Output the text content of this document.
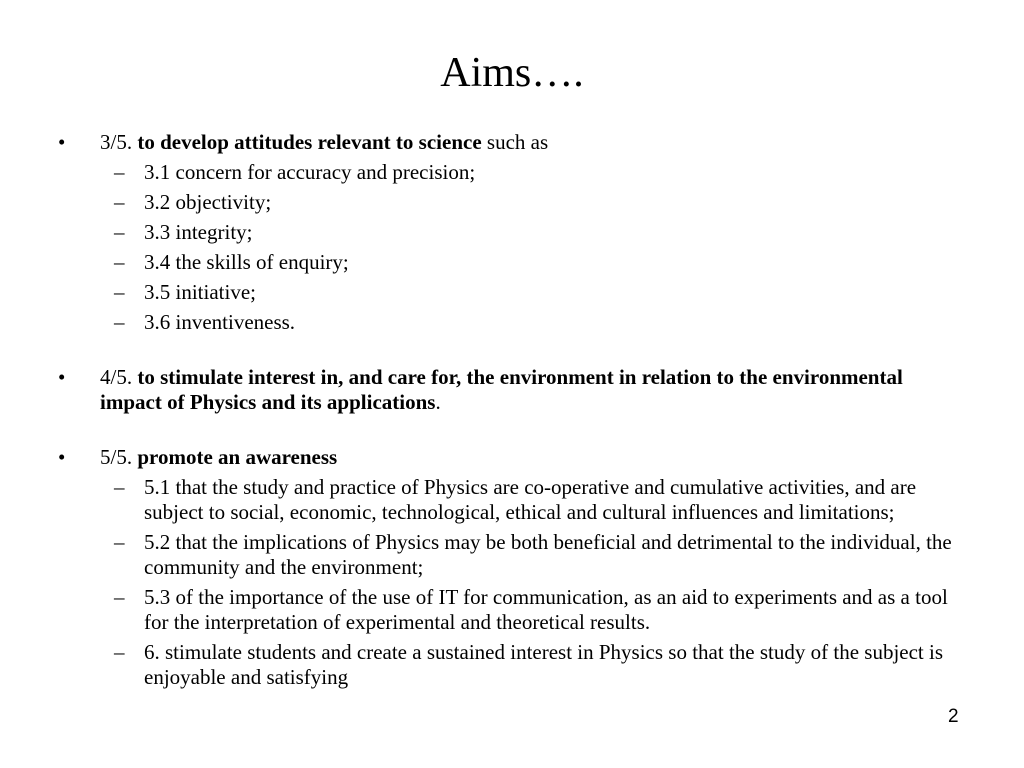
Aims….
• 3/5. to develop attitudes relevant to science such as
– 3.1 concern for accuracy and precision;
– 3.2 objectivity;
– 3.3 integrity;
– 3.4 the skills of enquiry;
– 3.5 initiative;
– 3.6 inventiveness.
• 4/5. to stimulate interest in, and care for, the environment in relation to the environmental impact of Physics and its applications.
• 5/5. promote an awareness
– 5.1 that the study and practice of Physics are co-operative and cumulative activities, and are subject to social, economic, technological, ethical and cultural influences and limitations;
– 5.2 that the implications of Physics may be both beneficial and detrimental to the individual, the community and the environment;
– 5.3 of the importance of the use of IT for communication, as an aid to experiments and as a tool for the interpretation of experimental and theoretical results.
– 6. stimulate students and create a sustained interest in Physics so that the study of the subject is enjoyable and satisfying
2
